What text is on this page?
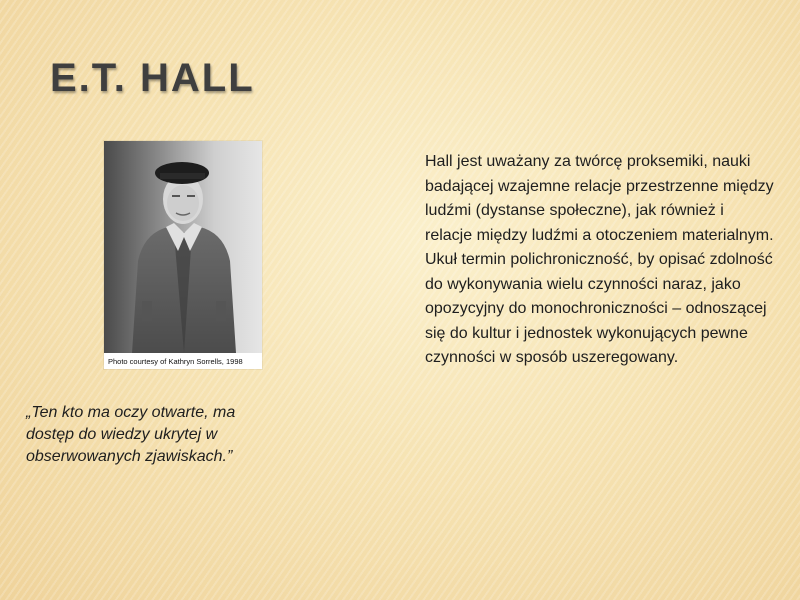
E.T. HALL
Photo courtesy of Kathryn Sorrells, 1998

Hall jest uważany za twórcę proksemiki, nauki badającej wzajemne relacje przestrzenne między ludźmi (dystanse społeczne), jak również i relacje między ludźmi a otoczeniem materialnym. Ukuł termin polichroniczność, by opisać zdolność do wykonywania wielu czynności naraz, jako opozycyjny do monochroniczności – odnoszącej się do kultur i jednostek wykonujących pewne czynności w sposób uszeregowany.

„Ten kto ma oczy otwarte, ma dostęp do wiedzy ukrytej w obserwowanych zjawiskach.”
